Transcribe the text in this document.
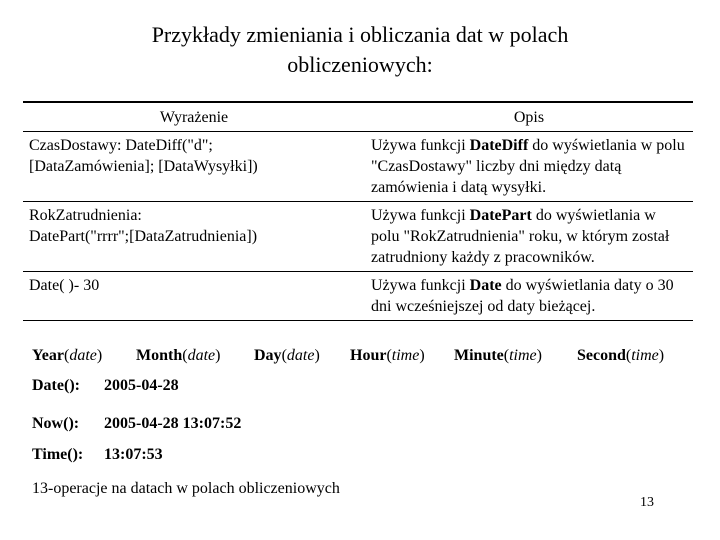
Przykłady zmieniania i obliczania dat w polach
obliczeniowych:
Wyrażenie	Opis

CzasDostawy: DateDiff("d";
[DataZamówienia]; [DataWysyłki])	Używa funkcji DateDiff do wyświetlania w polu "CzasDostawy" liczby dni między datą zamówienia i datą wysyłki.

RokZatrudnienia:
DatePart("rrrr";[DataZatrudnienia])	Używa funkcji DatePart do wyświetlania w polu "RokZatrudnienia" roku, w którym został zatrudniony każdy z pracowników.

Date( )- 30	Używa funkcji Date do wyświetlania daty o 30 dni wcześniejszej od daty bieżącej.
Year(date) Month(date) Day(date) Hour(time) Minute(time) Second(time)
Date(): 2005-04-28
Now(): 2005-04-28 13:07:52
Time(): 13:07:53
13-operacje na datach w polach obliczeniowych
13
